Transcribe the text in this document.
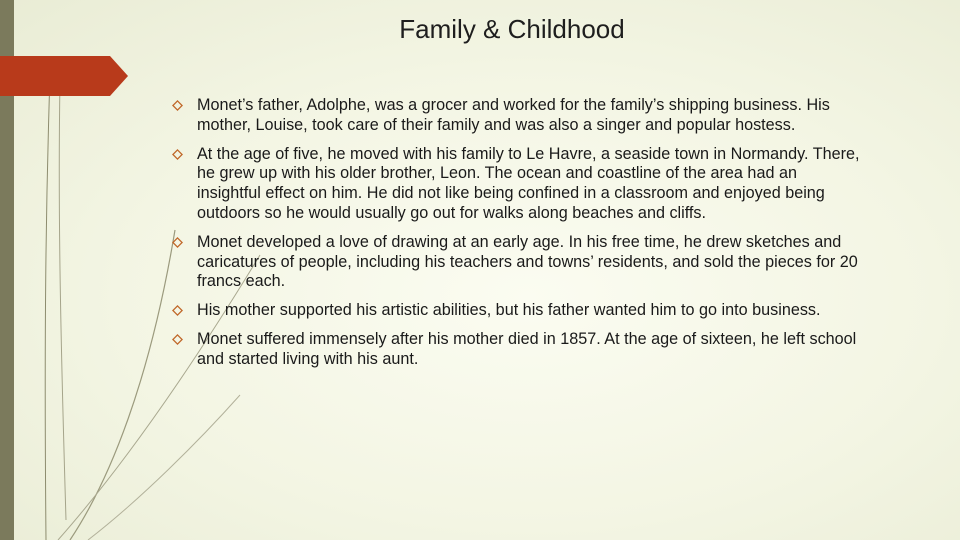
Family & Childhood
Monet’s father, Adolphe, was a grocer and worked for the family’s shipping business. His mother, Louise, took care of their family and was also a singer and popular hostess.
At the age of five, he moved with his family to Le Havre, a seaside town in Normandy. There, he grew up with his older brother, Leon. The ocean and coastline of the area had an insightful effect on him. He did not like being confined in a classroom and enjoyed being outdoors so he would usually go out for walks along beaches and cliffs.
Monet developed a love of drawing at an early age. In his free time, he drew sketches and caricatures of people, including his teachers and towns’ residents, and sold the pieces for 20 francs each.
His mother supported his artistic abilities, but his father wanted him to go into business.
Monet suffered immensely after his mother died in 1857. At the age of sixteen, he left school and started living with his aunt.
